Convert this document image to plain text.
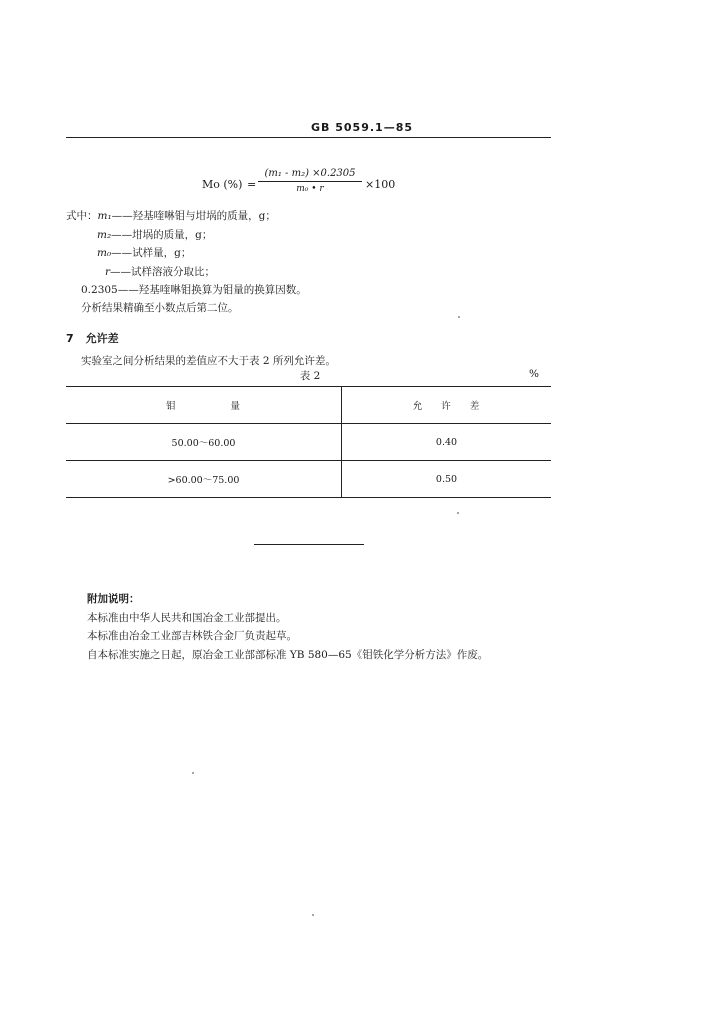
GB 5059.1—85
Mo (%) =
(m₁ - m₂) ×0.2305
m₀ • r	×100
式中：m₁——羟基喹啉钼与坩埚的质量，g；
m₂——坩埚的质量，g；
m₀——试样量，g；
r——试样溶液分取比；
0.2305——羟基喹啉钼换算为钼量的换算因数。
分析结果精确至小数点后第二位。
7 允许差
实验室之间分析结果的差值应不大于表 2 所列允许差。
表 2	%
钼 量	允 许 差
50.00～60.00	0.40
>60.00～75.00	0.50
附加说明：
本标准由中华人民共和国冶金工业部提出。
本标准由冶金工业部吉林铁合金厂负责起草。
自本标准实施之日起，原冶金工业部部标准 YB 580—65《钼铁化学分析方法》作废。
